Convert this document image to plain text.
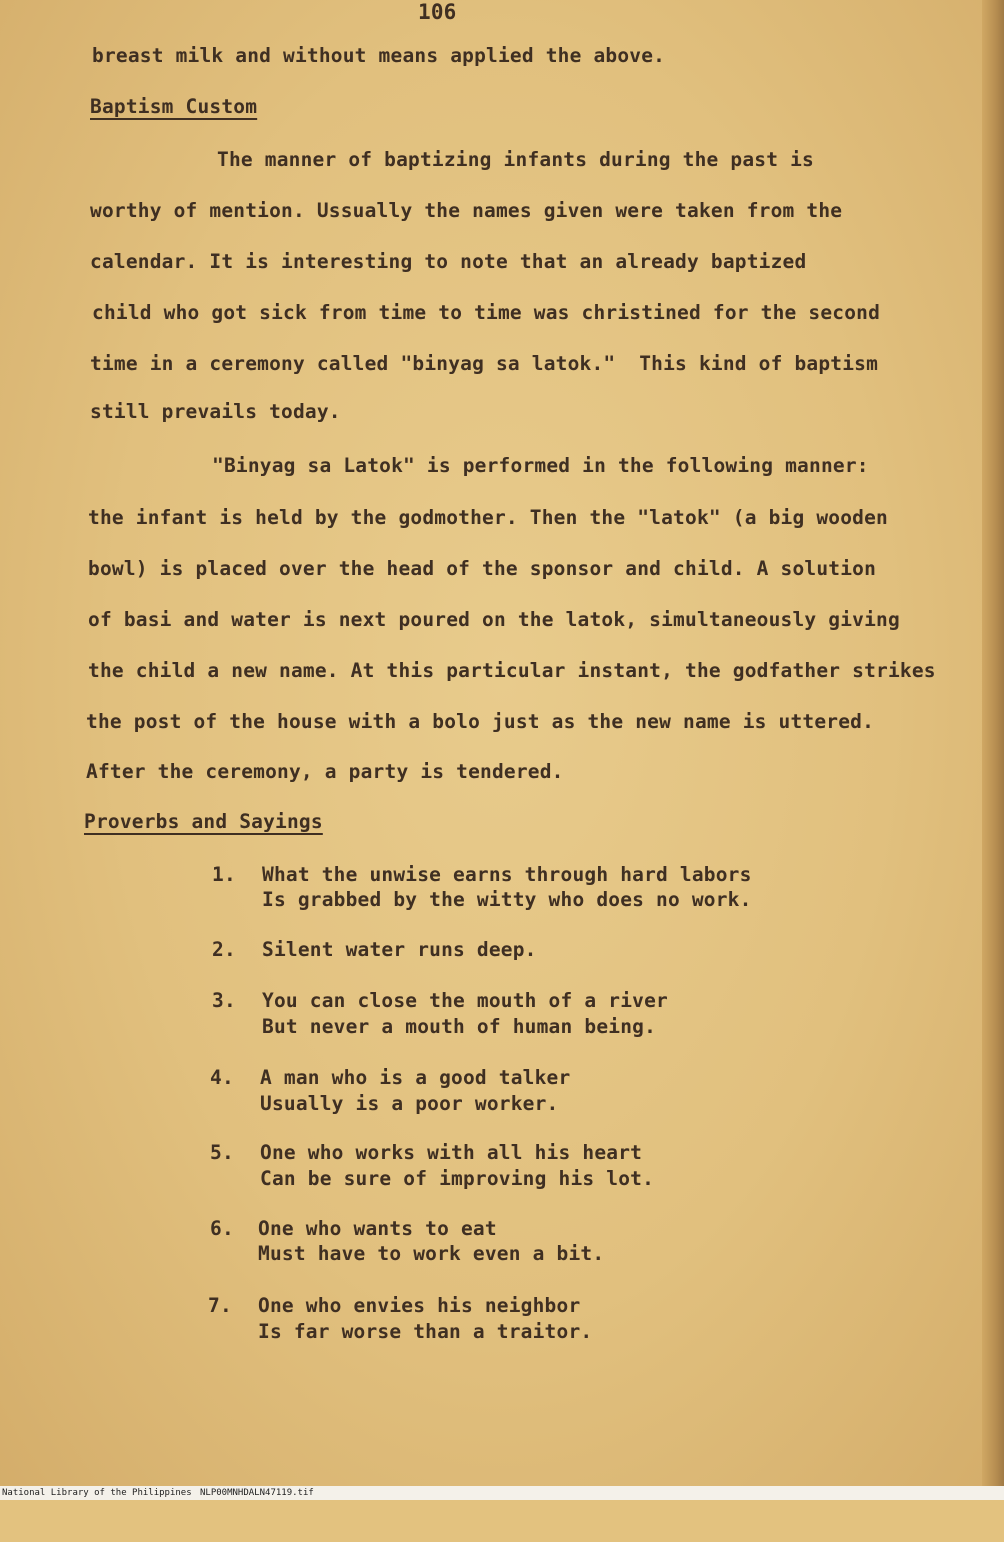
106
breast milk and without means applied the above.
Baptism Custom
The manner of baptizing infants during the past is
worthy of mention. Ussually the names given were taken from the
calendar. It is interesting to note that an already baptized
child who got sick from time to time was christined for the second
time in a ceremony called "binyag sa latok."  This kind of baptism
still prevails today.
"Binyag sa Latok" is performed in the following manner:
the infant is held by the godmother. Then the "latok" (a big wooden
bowl) is placed over the head of the sponsor and child. A solution
of basi and water is next poured on the latok, simultaneously giving
the child a new name. At this particular instant, the godfather strikes
the post of the house with a bolo just as the new name is uttered.
After the ceremony, a party is tendered.
Proverbs and Sayings
1. What the unwise earns through hard labors
Is grabbed by the witty who does no work.
2. Silent water runs deep.
3. You can close the mouth of a river
But never a mouth of human being.
4. A man who is a good talker
Usually is a poor worker.
5. One who works with all his heart
Can be sure of improving his lot.
6. One who wants to eat
Must have to work even a bit.
7. One who envies his neighbor
Is far worse than a traitor.

National Library of the Philippines

NLP00MNHDALN47119.tif
